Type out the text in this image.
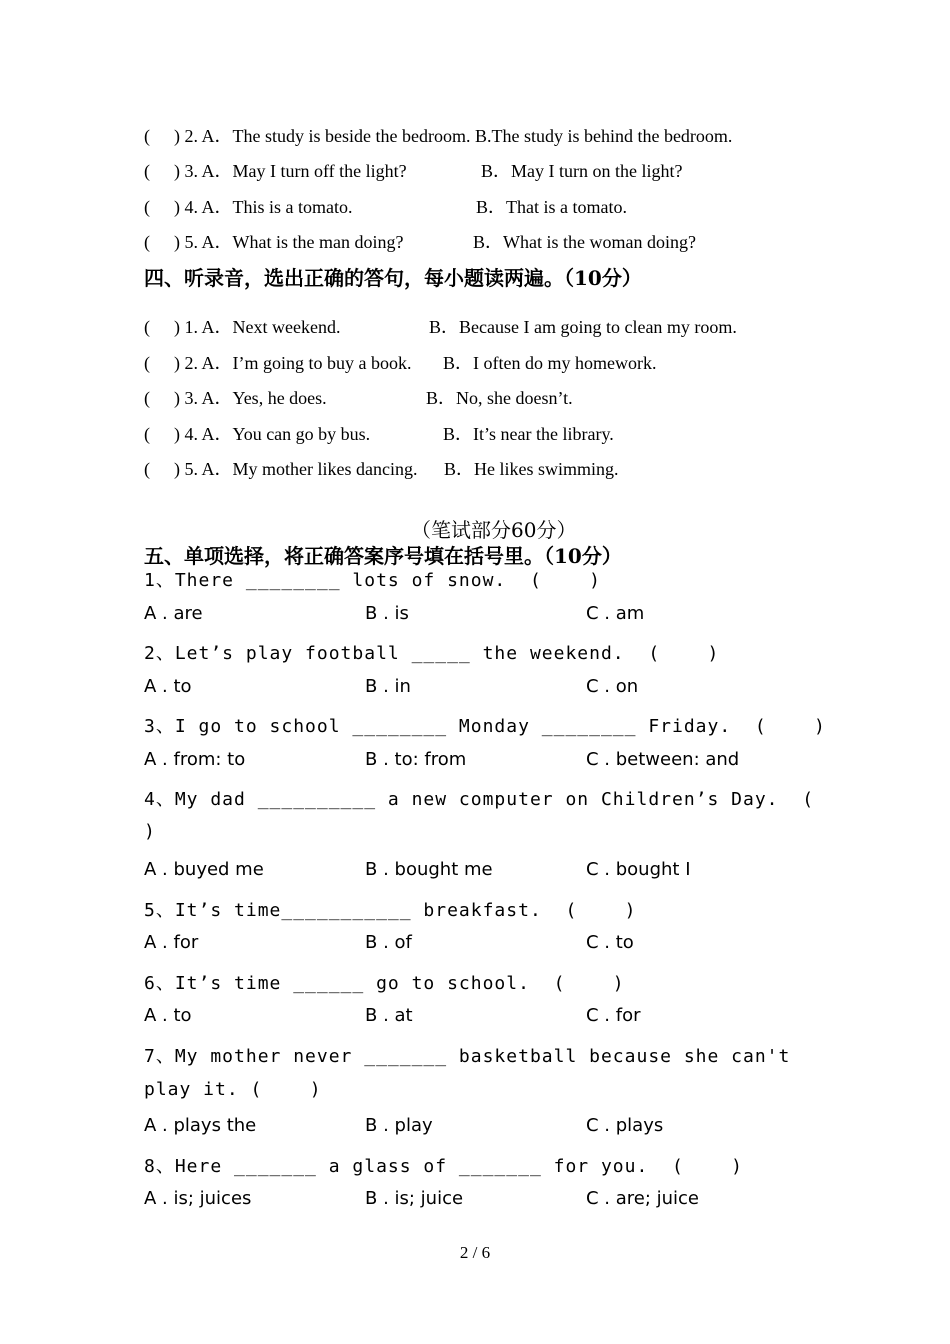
( ) 2. A．The study is beside the bedroom. B.The study is behind the bedroom.
( ) 3. A．May I turn off the light?	B．May I turn on the light?
( ) 4. A．This is a tomato.	B．That is a tomato.
( ) 5. A．What is the man doing?	B．What is the woman doing?
四、听录音，选出正确的答句，每小题读两遍。（10分）
( ) 1. A．Next weekend.	B．Because I am going to clean my room.
( ) 2. A．I’m going to buy a book. B．I often do my homework.
( ) 3. A．Yes, he does.	B．No, she doesn’t.
( ) 4. A．You can go by bus.	B．It’s near the library.
( ) 5. A．My mother likes dancing. B．He likes swimming.
（笔试部分60分）
五、单项选择，将正确答案序号填在括号里。（10分）
1、There ________ lots of snow.  (    )
A . are	B . is	C . am
2、Let’s play football _____ the weekend.  (    )
A . to	B . in	C . on
3、I go to school ________ Monday ________ Friday.  (    )
A . from: to	B . to: from	C . between: and
4、My dad __________ a new computer on Children’s Day.  (
)
A . buyed me	B . bought me	C . bought I
5、It’s time___________ breakfast.  (    )
A . for	B . of	C . to
6、It’s time ______ go to school.  (    )
A . to	B . at	C . for
7、My mother never _______ basketball because she can't
play it. (    )
A . plays the	B . play	C . plays
8、Here _______ a glass of _______ for you.  (    )
A . is; juices	B . is; juice	C . are; juice
2 / 6
